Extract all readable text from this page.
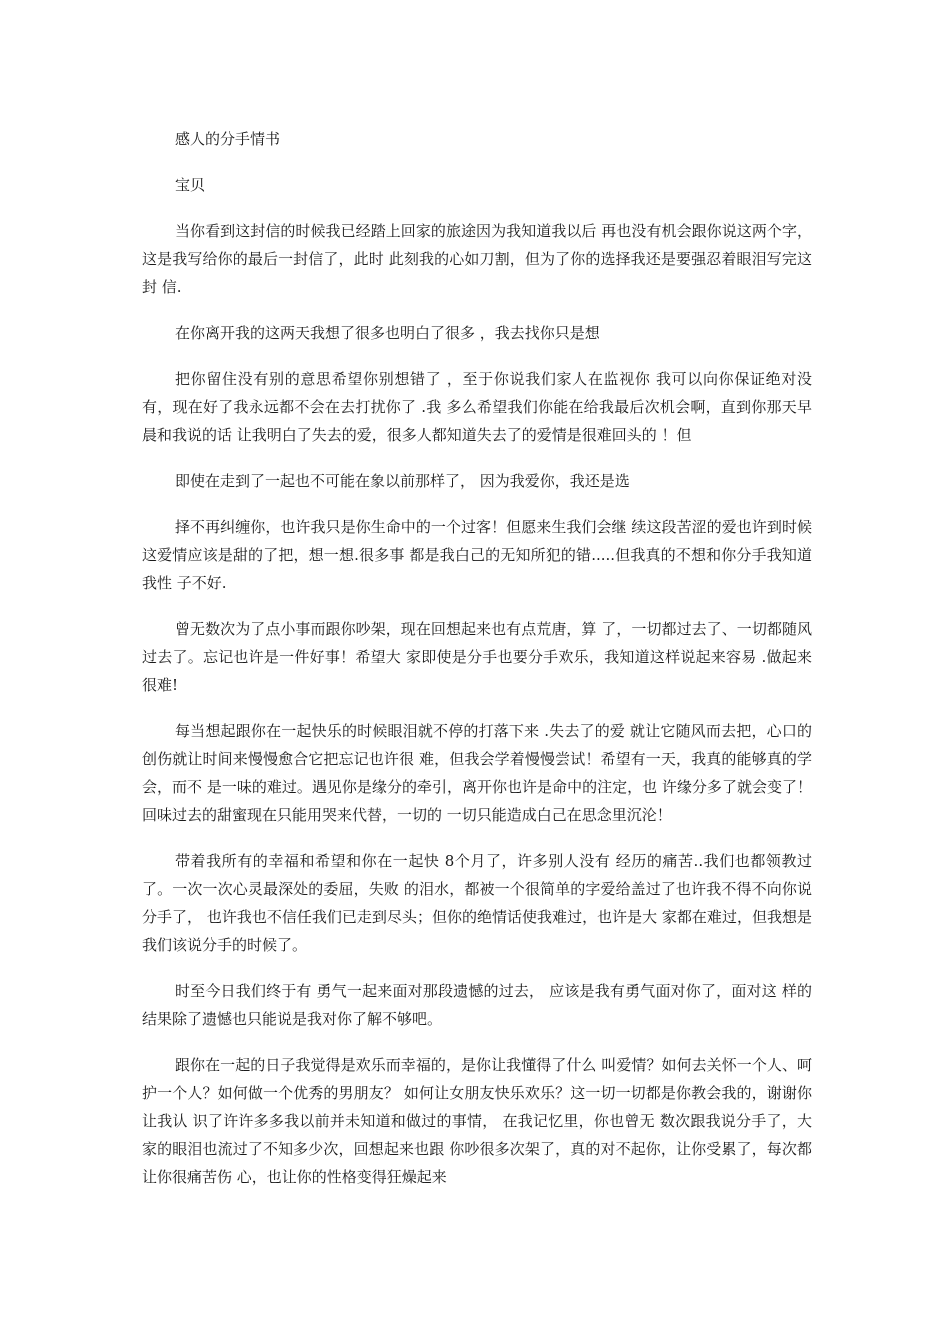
感人的分手情书

宝贝

当你看到这封信的时候我已经踏上回家的旅途因为我知道我以后 再也没有机会跟你说这两个字，这是我写给你的最后一封信了，此时 此刻我的心如刀割，但为了你的选择我还是要强忍着眼泪写完这封 信.

在你离开我的这两天我想了很多也明白了很多 ，我去找你只是想

把你留住没有别的意思希望你别想错了 ，至于你说我们家人在监视你 我可以向你保证绝对没有，现在好了我永远都不会在去打扰你了 .我 多么希望我们你能在给我最后次机会啊，直到你那天早晨和我说的话 让我明白了失去的爱，很多人都知道失去了的爱情是很难回头的 ！但

即使在走到了一起也不可能在象以前那样了， 因为我爱你，我还是选

择不再纠缠你，也许我只是你生命中的一个过客！但愿来生我们会继 续这段苦涩的爱也许到时候这爱情应该是甜的了把，想一想.很多事 都是我白己的无知所犯的错.....但我真的不想和你分手我知道我性 子不好.

曾无数次为了点小事而跟你吵架，现在回想起来也有点荒唐，算 了，一切都过去了、一切都随风过去了。忘记也许是一件好事！希望大 家即使是分手也要分手欢乐，我知道这样说起来容易 .做起来很难!

每当想起跟你在一起快乐的时候眼泪就不停的打落下来 .失去了的爱 就让它随风而去把，心口的创伤就让时间来慢慢愈合它把忘记也许很 难，但我会学着慢慢尝试！希望有一天，我真的能够真的学会，而不 是一味的难过。遇见你是缘分的牵引，离开你也许是命中的注定，也 许缘分多了就会变了！回味过去的甜蜜现在只能用哭来代替，一切的 一切只能造成白己在思念里沉沦！

带着我所有的幸福和希望和你在一起快 8个月了，许多别人没有 经历的痛苦..我们也都领教过了。一次一次心灵最深处的委屈，失败 的泪水，都被一个很简单的字爱给盖过了也许我不得不向你说分手了， 也许我也不信任我们已走到尽头；但你的绝情话使我难过，也许是大 家都在难过，但我想是我们该说分手的时候了。

时至今日我们终于有 勇气一起来面对那段遗憾的过去， 应该是我有勇气面对你了，面对这 样的结果除了遗憾也只能说是我对你了解不够吧。

跟你在一起的日子我觉得是欢乐而幸福的，是你让我懂得了什么 叫爱情？如何去关怀一个人、呵护一个人？如何做一个优秀的男朋友？ 如何让女朋友快乐欢乐？这一切一切都是你教会我的，谢谢你让我认 识了许许多多我以前并未知道和做过的事情， 在我记忆里，你也曾无 数次跟我说分手了，大家的眼泪也流过了不知多少次，回想起来也跟 你吵很多次架了，真的对不起你，让你受累了，每次都让你很痛苦伤 心，也让你的性格变得狂燥起来
